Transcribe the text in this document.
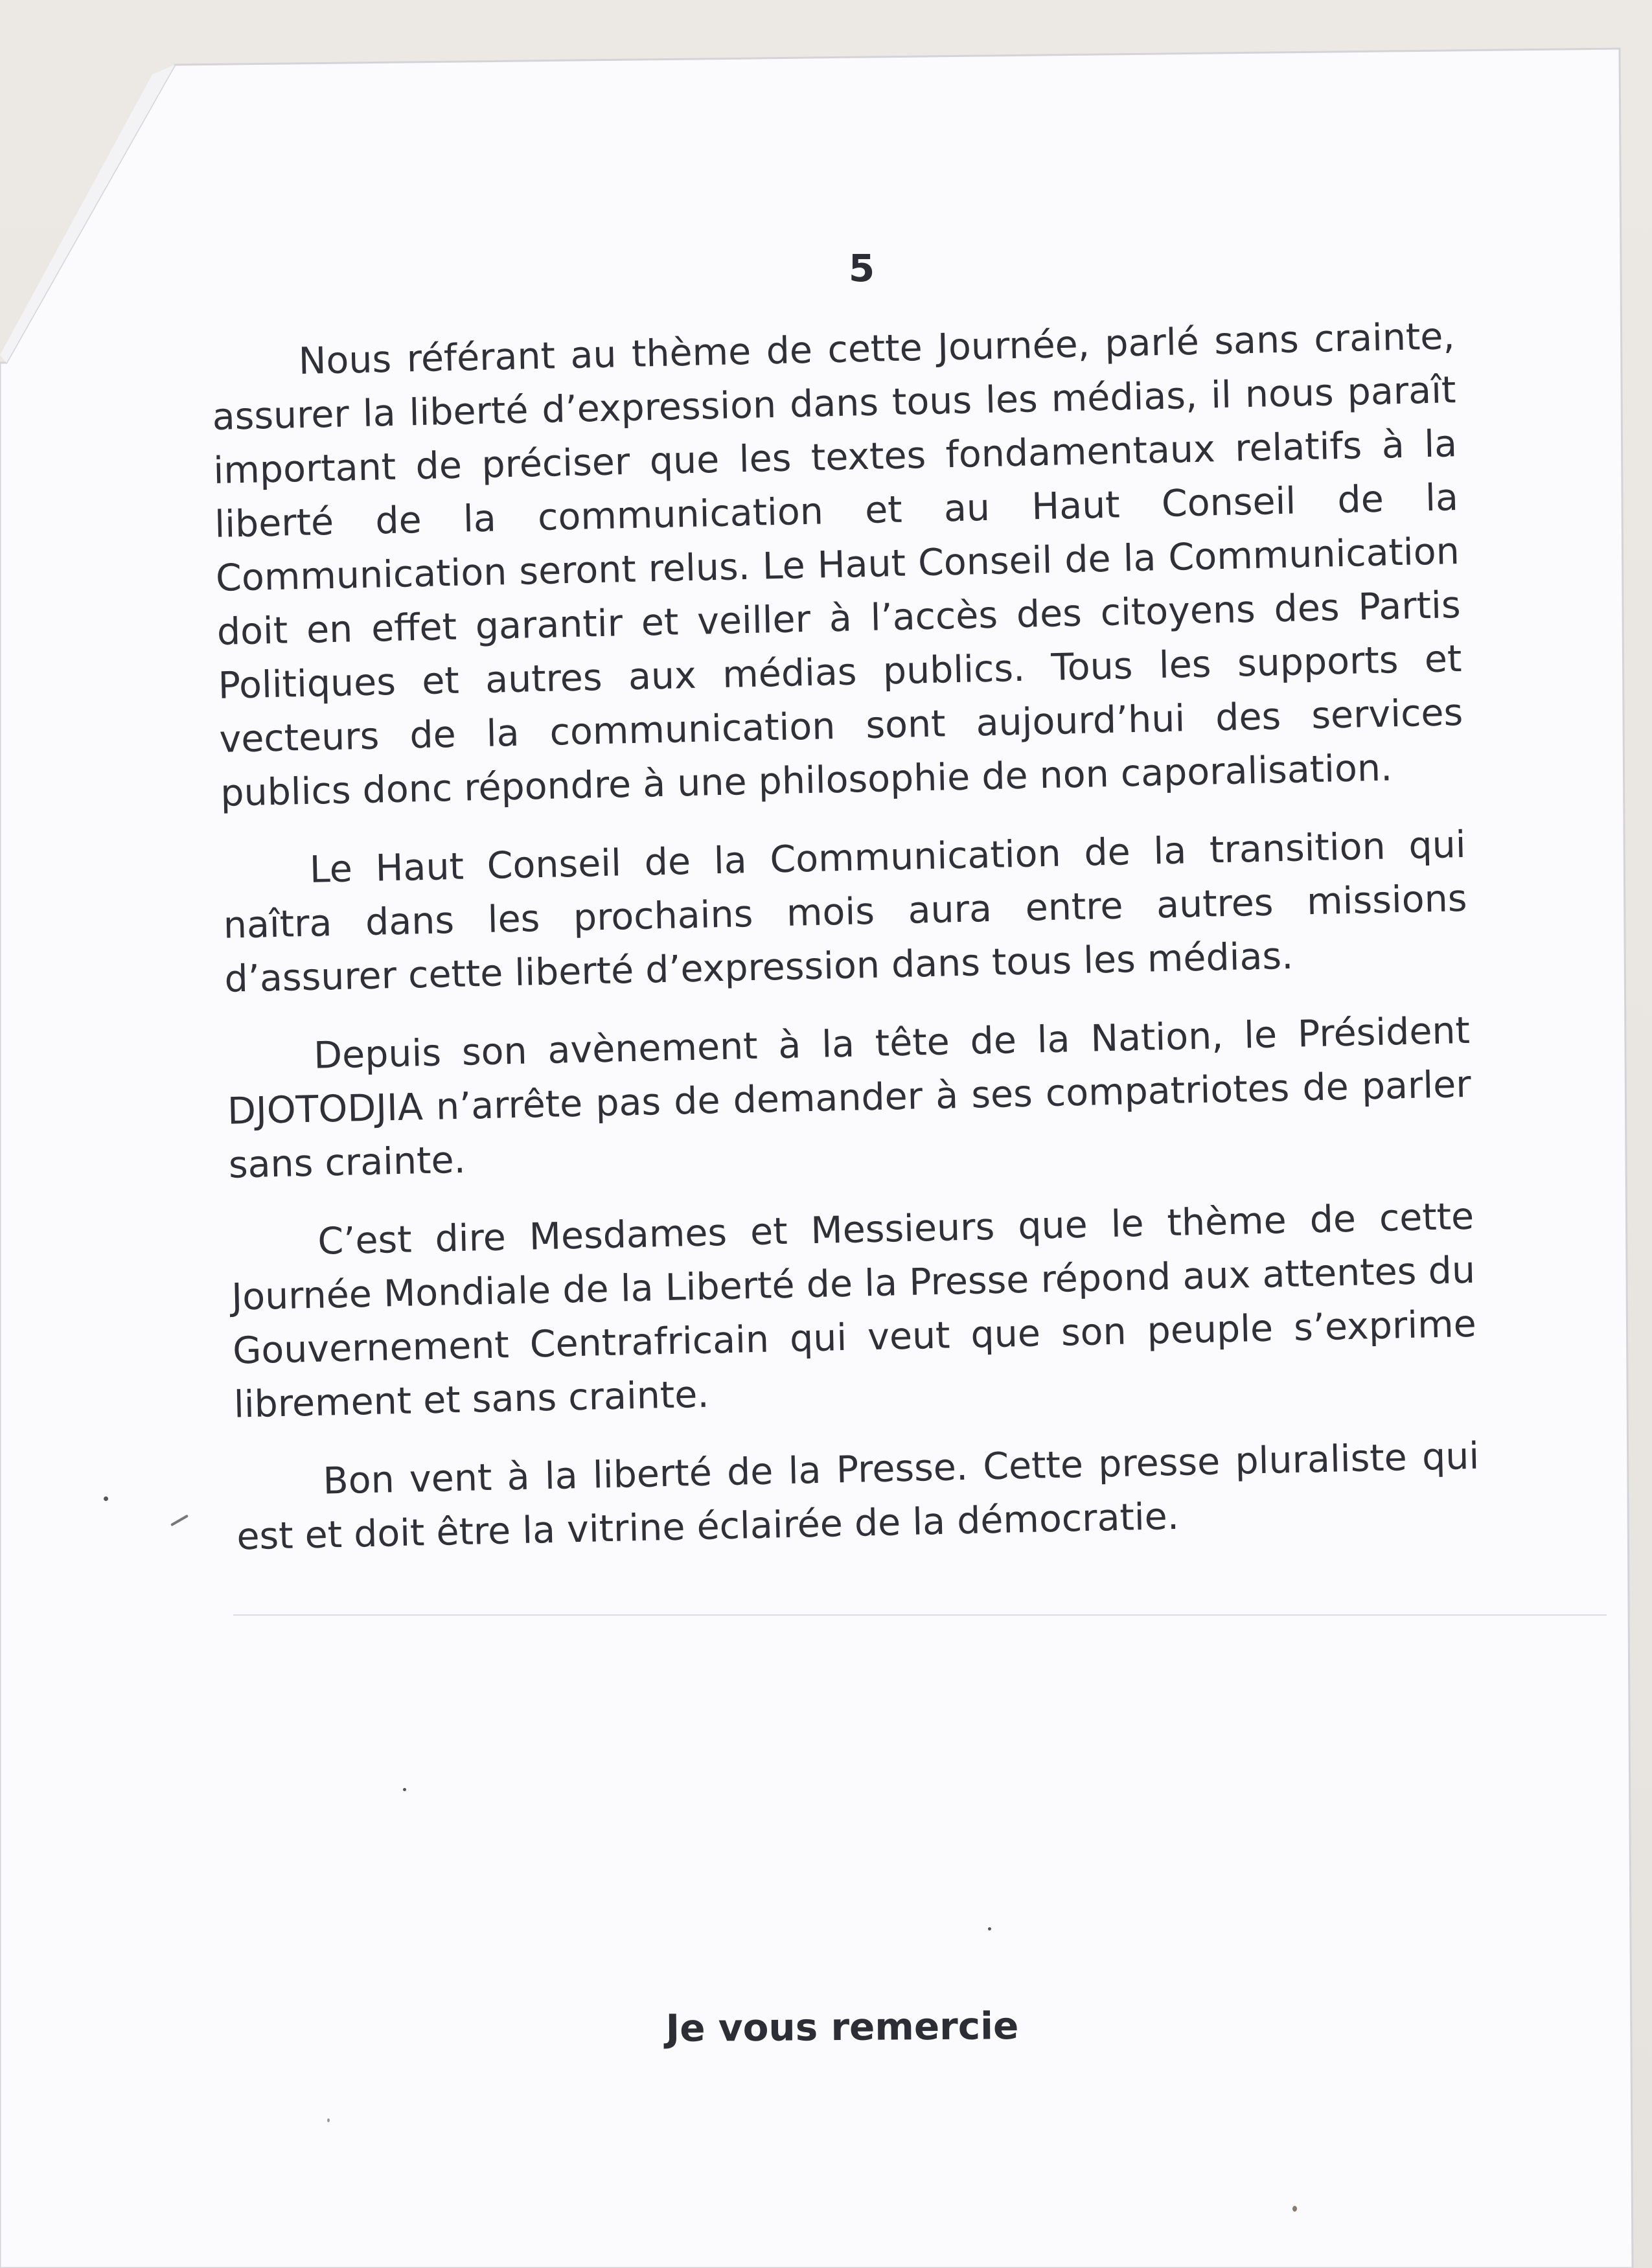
5

Nous référant au thème de cette Journée, parlé sans crainte, assurer la liberté d’expression dans tous les médias, il nous paraît important de préciser que les textes fondamentaux relatifs à la liberté de la communication et au Haut Conseil de la Communication seront relus. Le Haut Conseil de la Communication doit en effet garantir et veiller à l’accès des citoyens des Partis Politiques et autres aux médias publics. Tous les supports et vecteurs de la communication sont aujourd’hui des services publics donc répondre à une philosophie de non caporalisation.

Le Haut Conseil de la Communication de la transition qui naîtra dans les prochains mois aura entre autres missions d’assurer cette liberté d’expression dans tous les médias.

Depuis son avènement à la tête de la Nation, le Président DJOTODJIA n’arrête pas de demander à ses compatriotes de parler sans crainte.

C’est dire Mesdames et Messieurs que le thème de cette Journée Mondiale de la Liberté de la Presse répond aux attentes du Gouvernement Centrafricain qui veut que son peuple s’exprime librement et sans crainte.

Bon vent à la liberté de la Presse. Cette presse pluraliste qui est et doit être la vitrine éclairée de la démocratie.

Je vous remercie
